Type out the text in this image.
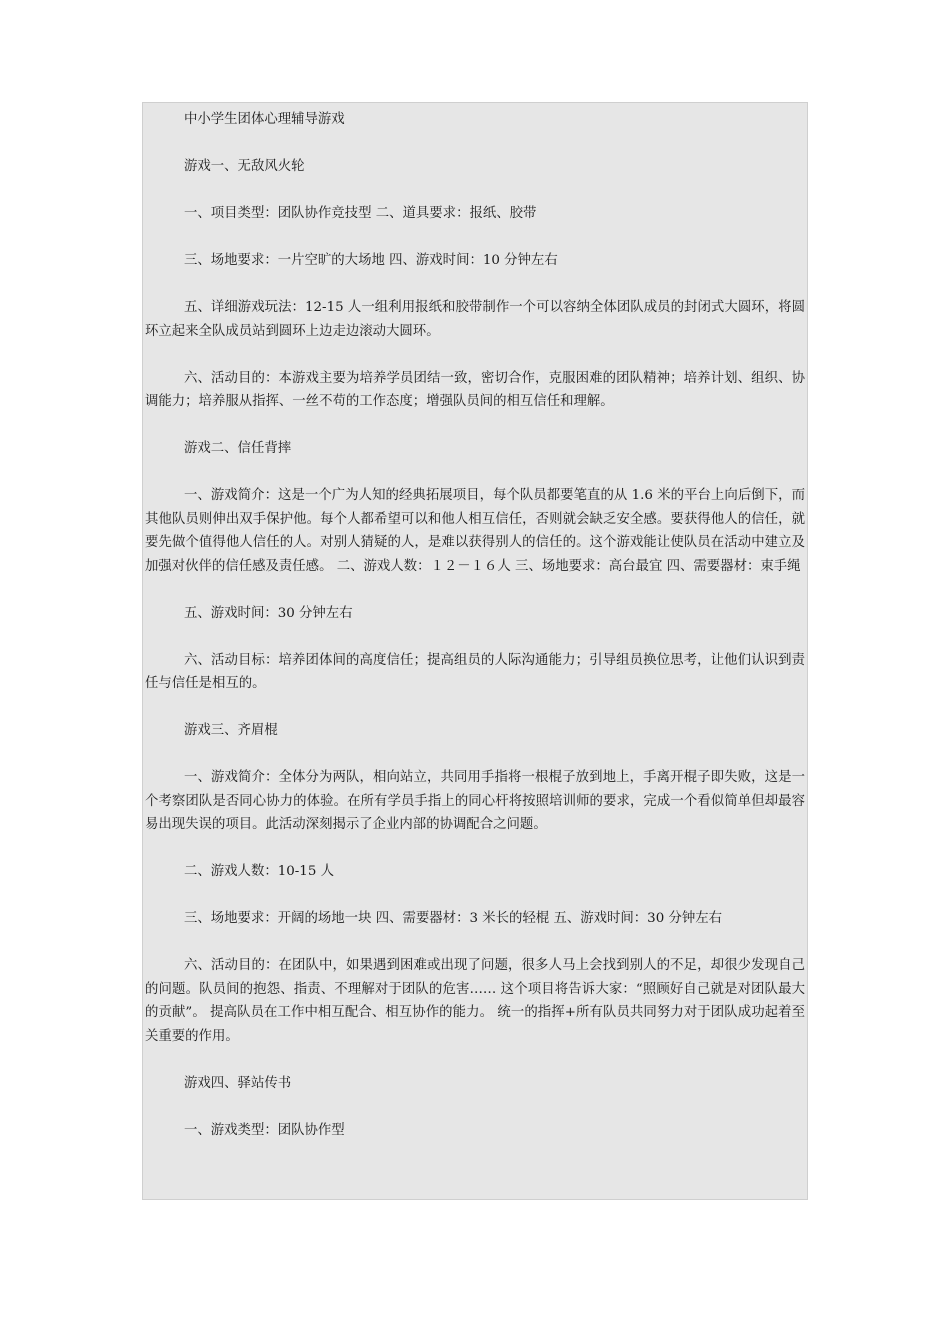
中小学生团体心理辅导游戏

游戏一、无敌风火轮

一、项目类型：团队协作竞技型 二、道具要求：报纸、胶带

三、场地要求：一片空旷的大场地 四、游戏时间：10 分钟左右

五、详细游戏玩法：12-15 人一组利用报纸和胶带制作一个可以容纳全体团队成员的封闭式大圆环，将圆环立起来全队成员站到圆环上边走边滚动大圆环。

六、活动目的：本游戏主要为培养学员团结一致，密切合作，克服困难的团队精神；培养计划、组织、协调能力；培养服从指挥、一丝不苟的工作态度；增强队员间的相互信任和理解。

游戏二、信任背摔

一、游戏简介：这是一个广为人知的经典拓展项目，每个队员都要笔直的从 1.6 米的平台上向后倒下，而其他队员则伸出双手保护他。每个人都希望可以和他人相互信任，否则就会缺乏安全感。要获得他人的信任，就要先做个值得他人信任的人。对别人猜疑的人，是难以获得别人的信任的。这个游戏能让使队员在活动中建立及加强对伙伴的信任感及责任感。 二、游戏人数：１２－１６人 三、场地要求：高台最宜 四、需要器材：束手绳

五、游戏时间：30 分钟左右

六、活动目标：培养团体间的高度信任；提高组员的人际沟通能力；引导组员换位思考，让他们认识到责任与信任是相互的。

游戏三、齐眉棍

一、游戏简介：全体分为两队，相向站立，共同用手指将一根棍子放到地上，手离开棍子即失败，这是一个考察团队是否同心协力的体验。在所有学员手指上的同心杆将按照培训师的要求，完成一个看似简单但却最容易出现失误的项目。此活动深刻揭示了企业内部的协调配合之问题。

二、游戏人数：10-15 人

三、场地要求：开阔的场地一块 四、需要器材：3 米长的轻棍 五、游戏时间：30 分钟左右

六、活动目的：在团队中，如果遇到困难或出现了问题，很多人马上会找到别人的不足，却很少发现自己的问题。队员间的抱怨、指责、不理解对于团队的危害…… 这个项目将告诉大家：“照顾好自己就是对团队最大的贡献”。 提高队员在工作中相互配合、相互协作的能力。 统一的指挥+所有队员共同努力对于团队成功起着至关重要的作用。

游戏四、驿站传书

一、游戏类型：团队协作型
